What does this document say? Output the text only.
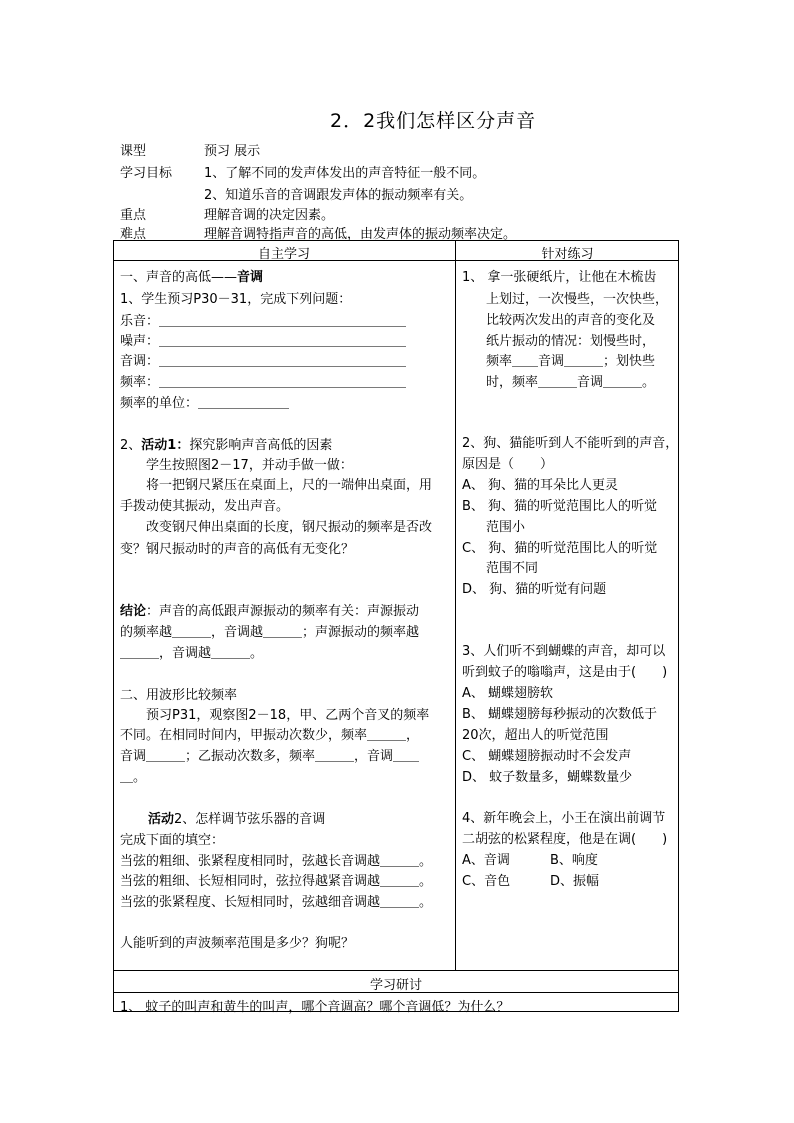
2．2我们怎样区分声音
课型	预习 展示
学习目标 1、了解不同的发声体发出的声音特征一般不同。
2、知道乐音的音调跟发声体的振动频率有关。
重点	理解音调的决定因素。
难点	理解音调特指声音的高低，由发声体的振动频率决定。
自主学习	针对练习
学习研讨
一、声音的高低——音调
1、学生预习P30－31，完成下列问题：
乐音：＿＿＿＿＿＿＿＿＿＿＿＿＿＿＿＿＿＿＿
噪声：＿＿＿＿＿＿＿＿＿＿＿＿＿＿＿＿＿＿＿
音调：＿＿＿＿＿＿＿＿＿＿＿＿＿＿＿＿＿＿＿
频率：＿＿＿＿＿＿＿＿＿＿＿＿＿＿＿＿＿＿＿
频率的单位：＿＿＿＿＿＿＿
2、活动1：探究影响声音高低的因素
学生按照图2－17，并动手做一做：
将一把钢尺紧压在桌面上，尺的一端伸出桌面，用
手拨动使其振动，发出声音。
改变钢尺伸出桌面的长度，钢尺振动的频率是否改
变？钢尺振动时的声音的高低有无变化？
结论：声音的高低跟声源振动的频率有关：声源振动
的频率越＿＿＿，音调越＿＿＿；声源振动的频率越
＿＿＿，音调越＿＿＿。
二、用波形比较频率
预习P31，观察图2－18，甲、乙两个音叉的频率
不同。在相同时间内，甲振动次数少，频率＿＿＿，
音调＿＿＿；乙振动次数多，频率＿＿＿，音调＿＿
＿。
活动2、怎样调节弦乐器的音调
完成下面的填空：
当弦的粗细、张紧程度相同时，弦越长音调越＿＿＿。
当弦的粗细、长短相同时，弦拉得越紧音调越＿＿＿。
当弦的张紧程度、长短相同时，弦越细音调越＿＿＿。
人能听到的声波频率范围是多少？狗呢？
1、 拿一张硬纸片，让他在木梳齿
上划过，一次慢些，一次快些，
比较两次发出的声音的变化及
纸片振动的情况：划慢些时，
频率＿＿音调＿＿＿；划快些
时，频率＿＿＿音调＿＿＿。
2、狗、猫能听到人不能听到的声音，
原因是（　　）
A、 狗、猫的耳朵比人更灵
B、 狗、猫的听觉范围比人的听觉
范围小
C、 狗、猫的听觉范围比人的听觉
范围不同
D、 狗、猫的听觉有问题
3、人们听不到蝴蝶的声音，却可以
听到蚊子的嗡嗡声，这是由于(　　)
A、 蝴蝶翅膀软
B、 蝴蝶翅膀每秒振动的次数低于
20次，超出人的听觉范围
C、 蝴蝶翅膀振动时不会发声
D、 蚊子数量多，蝴蝶数量少
4、新年晚会上，小王在演出前调节
二胡弦的松紧程度，他是在调(　　)
A、音调	B、响度
C、音色	D、振幅
1、 蚊子的叫声和黄牛的叫声，哪个音调高？哪个音调低？为什么？
